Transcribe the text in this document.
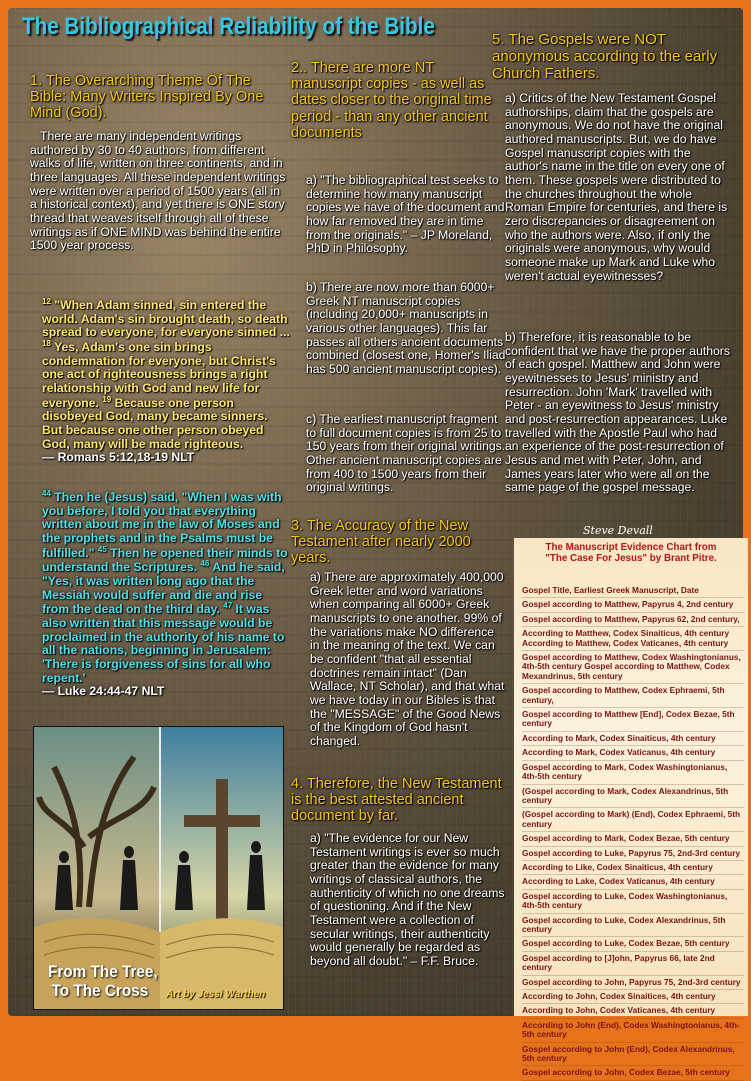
The Bibliographical Reliability of the Bible
1. The Overarching Theme Of The Bible: Many Writers Inspired By One Mind (God).
There are many independent writings authored by 30 to 40 authors, from different walks of life, written on three continents, and in three languages. All these independent writings were written over a period of 1500 years (all in a historical context), and yet there is ONE story thread that weaves itself through all of these writings as if ONE MIND was behind the entire 1500 year process.
$^{12}$ "When Adam sinned, sin entered the world. Adam's sin brought death, so death spread to everyone, for everyone sinned ... $^{18}$ Yes, Adam's one sin brings condemnation for everyone, but Christ's one act of righteousness brings a right relationship with God and new life for everyone. $^{19}$ Because one person disobeyed God, many became sinners. But because one other person obeyed God, many will be made righteous.
— Romans 5:12,18-19 NLT
$^{44}$ Then he (Jesus) said, "When I was with you before, I told you that everything written about me in the law of Moses and the prophets and in the Psalms must be fulfilled." $^{45}$ Then he opened their minds to understand the Scriptures. $^{46}$ And he said, "Yes, it was written long ago that the Messiah would suffer and die and rise from the dead on the third day. $^{47}$ It was also written that this message would be proclaimed in the authority of his name to all the nations, beginning in Jerusalem: 'There is forgiveness of sins for all who repent.'
— Luke 24:44-47 NLT
From The Tree,
To The Cross	Art by Jessi Warthen
2.. There are more NT manuscript copies - as well as dates closer to the original time period - than any other ancient documents
a) "The bibliographical test seeks to determine how many manuscript copies we have of the document and how far removed they are in time from the originals." – JP Moreland, PhD in Philosophy.
b) There are now more than 6000+ Greek NT manuscript copies (including 20,000+ manuscripts in various other languages). This far passes all others ancient documents combined (closest one, Homer's Iliad has 500 ancient manuscript copies).
c) The earliest manuscript fragment to full document copies is from 25 to 150 years from their original writings. Other ancient manuscript copies are from 400 to 1500 years from their original writings.
3. The Accuracy of the New Testament after nearly 2000 years.
a) There are approximately 400,000 Greek letter and word variations when comparing all 6000+ Greek manuscripts to one another. 99% of the variations make NO difference in the meaning of the text. We can be confident "that all essential doctrines remain intact" (Dan Wallace, NT Scholar), and that what we have today in our Bibles is that the "MESSAGE" of the Good News of the Kingdom of God hasn't changed.
4. Therefore, the New Testament is the best attested ancient document by far.
a) "The evidence for our New Testament writings is ever so much greater than the evidence for many writings of classical authors, the authenticity of which no one dreams of questioning. And if the New Testament were a collection of secular writings, their authenticity would generally be regarded as beyond all doubt." – F.F. Bruce.
5. The Gospels were NOT anonymous according to the early Church Fathers.
a) Critics of the New Testament Gospel authorships, claim that the gospels are anonymous. We do not have the original authored manuscripts. But, we do have Gospel manuscript copies with the author's name in the title on every one of them. These gospels were distributed to the churches throughout the whole Roman Empire for centuries, and there is zero discrepancies or disagreement on who the authors were. Also, if only the originals were anonymous, why would someone make up Mark and Luke who weren't actual eyewitnesses?
b) Therefore, it is reasonable to be confident that we have the proper authors of each gospel. Matthew and John were eyewitnesses to Jesus' ministry and resurrection. John 'Mark' travelled with Peter - an eyewitness to Jesus' ministry and post-resurrection appearances. Luke travelled with the Apostle Paul who had an experience of the post-resurrection of Jesus and met with Peter, John, and James years later who were all on the same page of the gospel message.
Steve Devall
The Manuscript Evidence Chart from
"The Case For Jesus" by Brant Pitre.
Gospel Title, Earliest Greek Manuscript, Date
Gospel according to Matthew, Papyrus 4, 2nd century
Gospel according to Matthew, Papyrus 62, 2nd century,
According to Matthew, Codex Sinaiticus, 4th century According to Matthew, Codex Vaticanes, 4th century
Gospel according to Matthew, Codex Washingtonianus, 4th-5th century Gospel according to Matthew, Codex Mexandrinus, 5th century
Gospel according to Matthew, Codex Ephraemi, 5th century,
Gospel according to Matthew [End], Codex Bezae, 5th century
According to Mark, Codex Sinaiticus, 4th century
According to Mark, Codex Vaticanus, 4th century
Gospel according to Mark, Codex Washingtonianus, 4th-5th century
(Gospel according to Mark, Codex Alexandrinus, 5th century
(Gospel according to Mark) (End), Codex Ephraemi, 5th century
Gospel according to Mark, Codex Bezae, 5th century
Gospel according to Luke, Papyrus 75, 2nd-3rd century
According to Like, Codex Sinaiticus, 4th century
According to Lake, Codex Vaticanus, 4th century
Gospel according to Luke, Codex Washingtonianus, 4th-5th century
Gospel according to Luke, Codex Alexandrinus, 5th century
Gospel according to Luke, Codex Bezae, 5th century
Gospel according to [J]ohn, Papyrus 66, late 2nd century
Gospel according to John, Papyrus 75, 2nd-3rd century
According to John, Codex Sinaitices, 4th century
According to John, Codex Vaticanes, 4th century
According to John (End), Codex Washingtonianus, 4th-5th century
Gospel according to John (End), Codex Alexandrinus, 5th century
Gospel according to John, Codex Bezae, 5th century
